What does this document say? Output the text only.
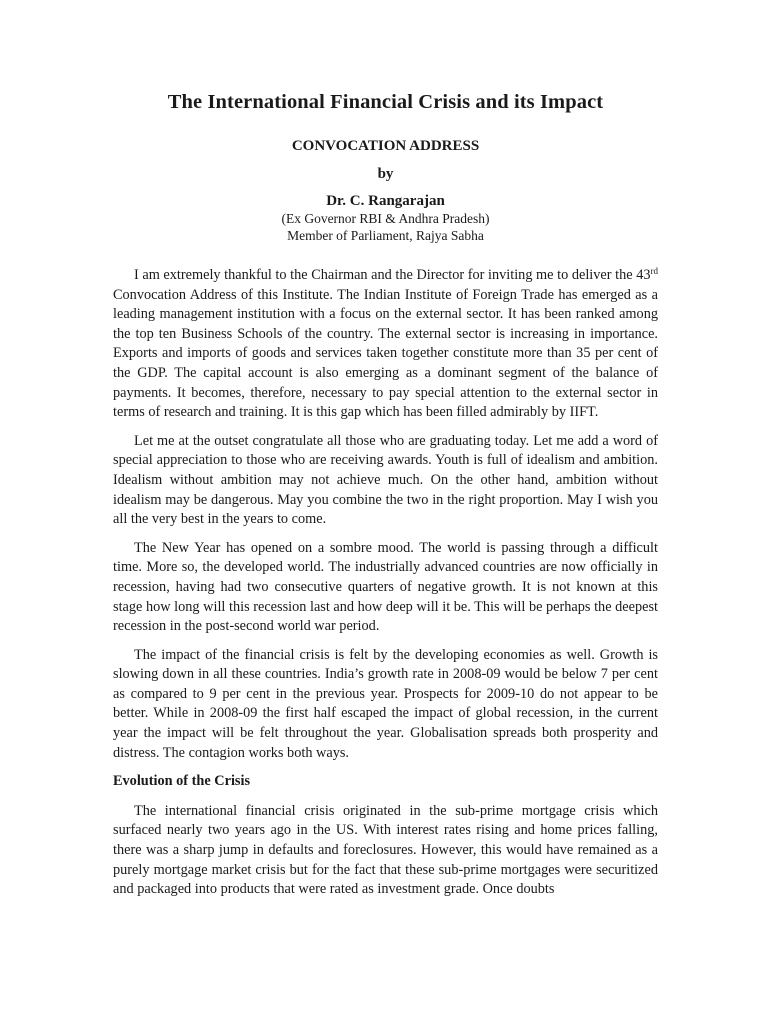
The International Financial Crisis and its Impact
CONVOCATION ADDRESS
by
Dr. C. Rangarajan
(Ex Governor RBI & Andhra Pradesh)
Member of Parliament, Rajya Sabha

I am extremely thankful to the Chairman and the Director for inviting me to deliver the 43rd Convocation Address of this Institute. The Indian Institute of Foreign Trade has emerged as a leading management institution with a focus on the external sector. It has been ranked among the top ten Business Schools of the country. The external sector is increasing in importance. Exports and imports of goods and services taken together constitute more than 35 per cent of the GDP. The capital account is also emerging as a dominant segment of the balance of payments. It becomes, therefore, necessary to pay special attention to the external sector in terms of research and training. It is this gap which has been filled admirably by IIFT.

Let me at the outset congratulate all those who are graduating today. Let me add a word of special appreciation to those who are receiving awards. Youth is full of idealism and ambition. Idealism without ambition may not achieve much. On the other hand, ambition without idealism may be dangerous. May you combine the two in the right proportion. May I wish you all the very best in the years to come.

The New Year has opened on a sombre mood. The world is passing through a difficult time. More so, the developed world. The industrially advanced countries are now officially in recession, having had two consecutive quarters of negative growth. It is not known at this stage how long will this recession last and how deep will it be. This will be perhaps the deepest recession in the post-second world war period.

The impact of the financial crisis is felt by the developing economies as well. Growth is slowing down in all these countries. India’s growth rate in 2008-09 would be below 7 per cent as compared to 9 per cent in the previous year. Prospects for 2009-10 do not appear to be better. While in 2008-09 the first half escaped the impact of global recession, in the current year the impact will be felt throughout the year. Globalisation spreads both prosperity and distress. The contagion works both ways.

Evolution of the Crisis

The international financial crisis originated in the sub-prime mortgage crisis which surfaced nearly two years ago in the US. With interest rates rising and home prices falling, there was a sharp jump in defaults and foreclosures. However, this would have remained as a purely mortgage market crisis but for the fact that these sub-prime mortgages were securitized and packaged into products that were rated as investment grade. Once doubts
